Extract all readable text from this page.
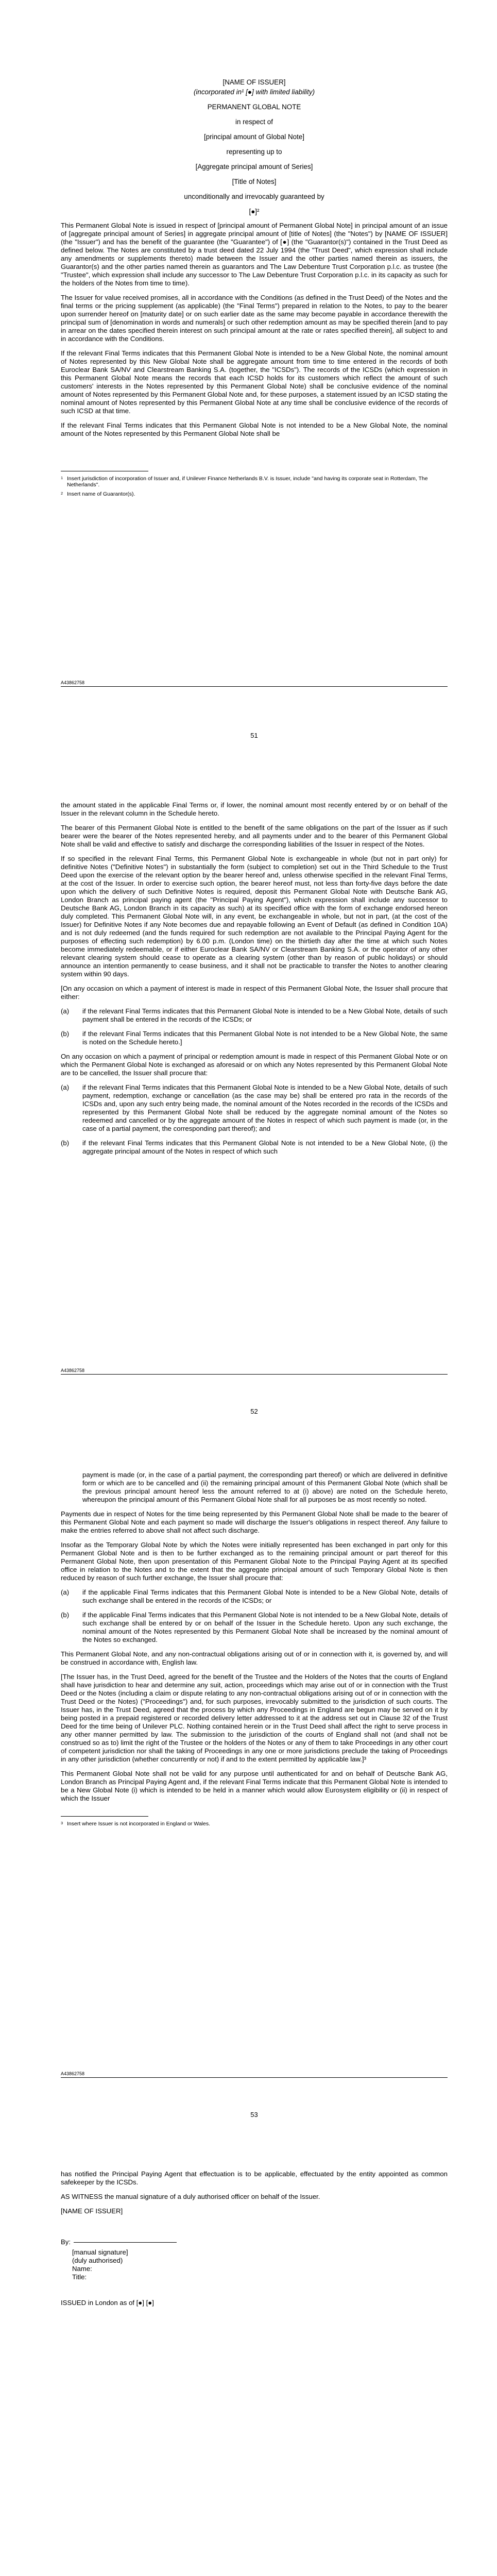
[NAME OF ISSUER]
(incorporated in¹ [●] with limited liability)
PERMANENT GLOBAL NOTE
in respect of
[principal amount of Global Note]
representing up to
[Aggregate principal amount of Series]
[Title of Notes]
unconditionally and irrevocably guaranteed by
[●]²

This Permanent Global Note is issued in respect of [principal amount of Permanent Global Note] in principal amount of an issue of [aggregate principal amount of Series] in aggregate principal amount of [title of Notes] (the "Notes") by [NAME OF ISSUER] (the "Issuer") and has the benefit of the guarantee (the "Guarantee") of [●] (the "Guarantor(s)") contained in the Trust Deed as defined below. The Notes are constituted by a trust deed dated 22 July 1994 (the "Trust Deed", which expression shall include any amendments or supplements thereto) made between the Issuer and the other parties named therein as issuers, the Guarantor(s) and the other parties named therein as guarantors and The Law Debenture Trust Corporation p.l.c. as trustee (the "Trustee", which expression shall include any successor to The Law Debenture Trust Corporation p.l.c. in its capacity as such for the holders of the Notes from time to time).

The Issuer for value received promises, all in accordance with the Conditions (as defined in the Trust Deed) of the Notes and the final terms or the pricing supplement (as applicable) (the "Final Terms") prepared in relation to the Notes, to pay to the bearer upon surrender hereof on [maturity date] or on such earlier date as the same may become payable in accordance therewith the principal sum of [denomination in words and numerals] or such other redemption amount as may be specified therein [and to pay in arrear on the dates specified therein interest on such principal amount at the rate or rates specified therein], all subject to and in accordance with the Conditions.

If the relevant Final Terms indicates that this Permanent Global Note is intended to be a New Global Note, the nominal amount of Notes represented by this New Global Note shall be aggregate amount from time to time entered in the records of both Euroclear Bank SA/NV and Clearstream Banking S.A. (together, the "ICSDs"). The records of the ICSDs (which expression in this Permanent Global Note means the records that each ICSD holds for its customers which reflect the amount of such customers' interests in the Notes represented by this Permanent Global Note) shall be conclusive evidence of the nominal amount of Notes represented by this Permanent Global Note and, for these purposes, a statement issued by an ICSD stating the nominal amount of Notes represented by this Permanent Global Note at any time shall be conclusive evidence of the records of such ICSD at that time.

If the relevant Final Terms indicates that this Permanent Global Note is not intended to be a New Global Note, the nominal amount of the Notes represented by this Permanent Global Note shall be

1 Insert jurisdiction of incorporation of Issuer and, if Unilever Finance Netherlands B.V. is Issuer, include "and having its corporate seat in Rotterdam, The Netherlands".
2 Insert name of Guarantor(s).
A43862758
51

the amount stated in the applicable Final Terms or, if lower, the nominal amount most recently entered by or on behalf of the Issuer in the relevant column in the Schedule hereto.

The bearer of this Permanent Global Note is entitled to the benefit of the same obligations on the part of the Issuer as if such bearer were the bearer of the Notes represented hereby, and all payments under and to the bearer of this Permanent Global Note shall be valid and effective to satisfy and discharge the corresponding liabilities of the Issuer in respect of the Notes.

If so specified in the relevant Final Terms, this Permanent Global Note is exchangeable in whole (but not in part only) for definitive Notes ("Definitive Notes") in substantially the form (subject to completion) set out in the Third Schedule to the Trust Deed upon the exercise of the relevant option by the bearer hereof and, unless otherwise specified in the relevant Final Terms, at the cost of the Issuer. In order to exercise such option, the bearer hereof must, not less than forty-five days before the date upon which the delivery of such Definitive Notes is required, deposit this Permanent Global Note with Deutsche Bank AG, London Branch as principal paying agent (the "Principal Paying Agent"), which expression shall include any successor to Deutsche Bank AG, London Branch in its capacity as such) at its specified office with the form of exchange endorsed hereon duly completed. This Permanent Global Note will, in any event, be exchangeable in whole, but not in part, (at the cost of the Issuer) for Definitive Notes if any Note becomes due and repayable following an Event of Default (as defined in Condition 10A) and is not duly redeemed (and the funds required for such redemption are not available to the Principal Paying Agent for the purposes of effecting such redemption) by 6.00 p.m. (London time) on the thirtieth day after the time at which such Notes become immediately redeemable, or if either Euroclear Bank SA/NV or Clearstream Banking S.A. or the operator of any other relevant clearing system should cease to operate as a clearing system (other than by reason of public holidays) or should announce an intention permanently to cease business, and it shall not be practicable to transfer the Notes to another clearing system within 90 days.

[On any occasion on which a payment of interest is made in respect of this Permanent Global Note, the Issuer shall procure that either:

(a)	if the relevant Final Terms indicates that this Permanent Global Note is intended to be a New Global Note, details of such payment shall be entered in the records of the ICSDs; or
(b)	if the relevant Final Terms indicates that this Permanent Global Note is not intended to be a New Global Note, the same is noted on the Schedule hereto.]

On any occasion on which a payment of principal or redemption amount is made in respect of this Permanent Global Note or on which the Permanent Global Note is exchanged as aforesaid or on which any Notes represented by this Permanent Global Note are to be cancelled, the Issuer shall procure that:

(a)	if the relevant Final Terms indicates that this Permanent Global Note is intended to be a New Global Note, details of such payment, redemption, exchange or cancellation (as the case may be) shall be entered pro rata in the records of the ICSDs and, upon any such entry being made, the nominal amount of the Notes recorded in the records of the ICSDs and represented by this Permanent Global Note shall be reduced by the aggregate nominal amount of the Notes so redeemed and cancelled or by the aggregate amount of the Notes in respect of which such payment is made (or, in the case of a partial payment, the corresponding part thereof); and
(b)	if the relevant Final Terms indicates that this Permanent Global Note is not intended to be a New Global Note, (i) the aggregate principal amount of the Notes in respect of which such
A43862758
52
payment is made (or, in the case of a partial payment, the corresponding part thereof) or which are delivered in definitive form or which are to be cancelled and (ii) the remaining principal amount of this Permanent Global Note (which shall be the previous principal amount hereof less the amount referred to at (i) above) are noted on the Schedule hereto, whereupon the principal amount of this Permanent Global Note shall for all purposes be as most recently so noted.

Payments due in respect of Notes for the time being represented by this Permanent Global Note shall be made to the bearer of this Permanent Global Note and each payment so made will discharge the Issuer's obligations in respect thereof. Any failure to make the entries referred to above shall not affect such discharge.

Insofar as the Temporary Global Note by which the Notes were initially represented has been exchanged in part only for this Permanent Global Note and is then to be further exchanged as to the remaining principal amount or part thereof for this Permanent Global Note, then upon presentation of this Permanent Global Note to the Principal Paying Agent at its specified office in relation to the Notes and to the extent that the aggregate principal amount of such Temporary Global Note is then reduced by reason of such further exchange, the Issuer shall procure that:

(a)	if the applicable Final Terms indicates that this Permanent Global Note is intended to be a New Global Note, details of such exchange shall be entered in the records of the ICSDs; or
(b)	if the applicable Final Terms indicates that this Permanent Global Note is not intended to be a New Global Note, details of such exchange shall be entered by or on behalf of the Issuer in the Schedule hereto. Upon any such exchange, the nominal amount of the Notes represented by this Permanent Global Note shall be increased by the nominal amount of the Notes so exchanged.

This Permanent Global Note, and any non-contractual obligations arising out of or in connection with it, is governed by, and will be construed in accordance with, English law.

[The Issuer has, in the Trust Deed, agreed for the benefit of the Trustee and the Holders of the Notes that the courts of England shall have jurisdiction to hear and determine any suit, action, proceedings which may arise out of or in connection with the Trust Deed or the Notes (including a claim or dispute relating to any non-contractual obligations arising out of or in connection with the Trust Deed or the Notes) ("Proceedings") and, for such purposes, irrevocably submitted to the jurisdiction of such courts. The Issuer has, in the Trust Deed, agreed that the process by which any Proceedings in England are begun may be served on it by being posted in a prepaid registered or recorded delivery letter addressed to it at the address set out in Clause 32 of the Trust Deed for the time being of Unilever PLC. Nothing contained herein or in the Trust Deed shall affect the right to serve process in any other manner permitted by law. The submission to the jurisdiction of the courts of England shall not (and shall not be construed so as to) limit the right of the Trustee or the holders of the Notes or any of them to take Proceedings in any other court of competent jurisdiction nor shall the taking of Proceedings in any one or more jurisdictions preclude the taking of Proceedings in any other jurisdiction (whether concurrently or not) if and to the extent permitted by applicable law.]³

This Permanent Global Note shall not be valid for any purpose until authenticated for and on behalf of Deutsche Bank AG, London Branch as Principal Paying Agent and, if the relevant Final Terms indicate that this Permanent Global Note is intended to be a New Global Note (i) which is intended to be held in a manner which would allow Eurosystem eligibility or (ii) in respect of which the Issuer

3 Insert where Issuer is not incorporated in England or Wales.
A43862758
53

has notified the Principal Paying Agent that effectuation is to be applicable, effectuated by the entity appointed as common safekeeper by the ICSDs.

AS WITNESS the manual signature of a duly authorised officer on behalf of the Issuer.

[NAME OF ISSUER]

By:
[manual signature]
(duly authorised)
Name:
Title:

ISSUED in London as of [●] [●]
